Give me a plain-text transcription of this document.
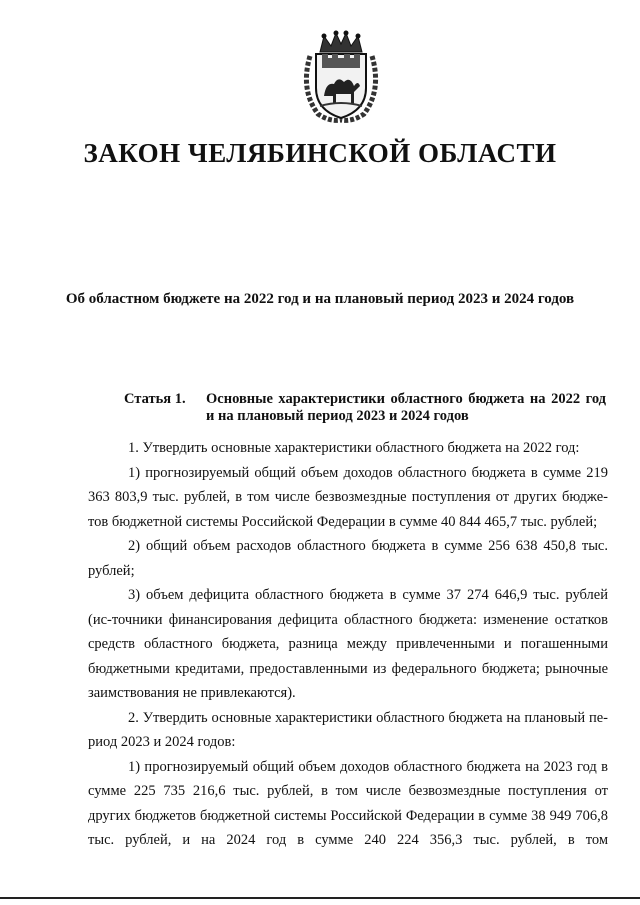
ЗАКОН ЧЕЛЯБИНСКОЙ ОБЛАСТИ
Об областном бюджете на 2022 год и на плановый период 2023 и 2024 годов
Статья 1. Основные характеристики областного бюджета на 2022 год и на плановый период 2023 и 2024 годов

1. Утвердить основные характеристики областного бюджета на 2022 год:

1) прогнозируемый общий объем доходов областного бюджета в сумме 219 363 803,9 тыс. рублей, в том числе безвозмездные поступления от других бюдже-тов бюджетной системы Российской Федерации в сумме 40 844 465,7 тыс. рублей;

2) общий объем расходов областного бюджета в сумме 256 638 450,8 тыс. рублей;

3) объем дефицита областного бюджета в сумме 37 274 646,9 тыс. рублей (ис-точники финансирования дефицита областного бюджета: изменение остатков средств областного бюджета, разница между привлеченными и погашенными бюджетными кредитами, предоставленными из федерального бюджета; рыночные заимствования не привлекаются).

2. Утвердить основные характеристики областного бюджета на плановый пе-риод 2023 и 2024 годов:

1) прогнозируемый общий объем доходов областного бюджета на 2023 год в сумме 225 735 216,6 тыс. рублей, в том числе безвозмездные поступления от других бюджетов бюджетной системы Российской Федерации в сумме 38 949 706,8 тыс. рублей, и на 2024 год в сумме 240 224 356,3 тыс. рублей, в том
